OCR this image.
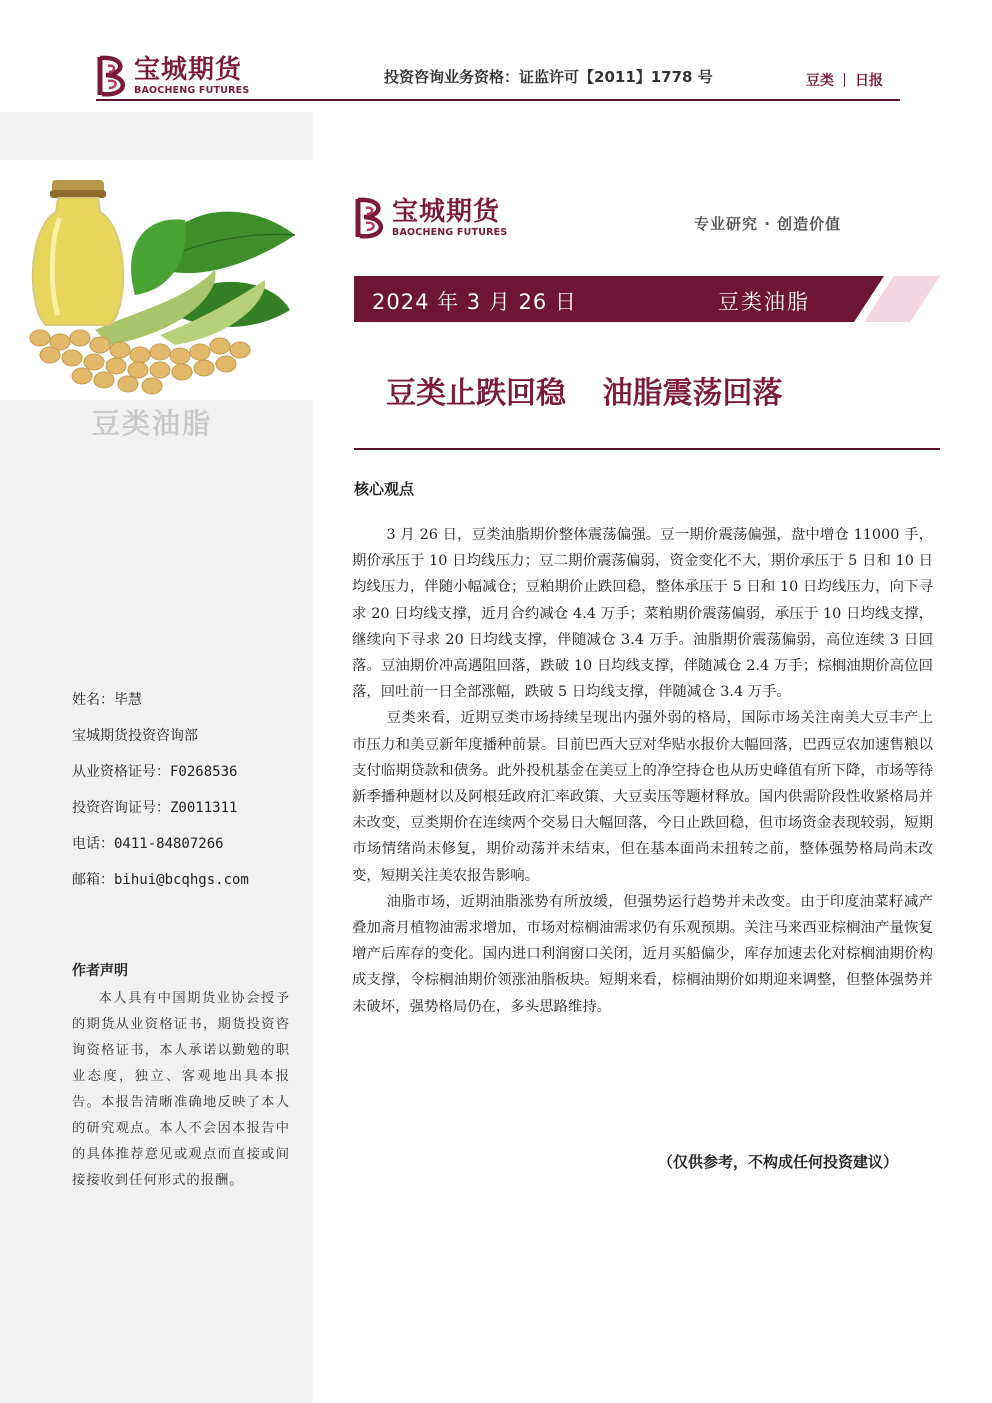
宝城期货
BAOCHENG FUTURES
投资咨询业务资格：证监许可【2011】1778 号	豆类 日报
豆类油脂
姓名：毕慧
宝城期货投资咨询部
从业资格证号：F0268536
投资咨询证号：Z0011311
电话：0411-84807266
邮箱：bihui@bcqhgs.com
作者声明
本人具有中国期货业协会授予的期货从业资格证书，期货投资咨询资格证书，本人承诺以勤勉的职业态度，独立、客观地出具本报告。本报告清晰准确地反映了本人的研究观点。本人不会因本报告中的具体推荐意见或观点而直接或间接接收到任何形式的报酬。
宝城期货
BAOCHENG FUTURES	专业研究 · 创造价值
2024 年 3 月 26 日	豆类油脂
豆类止跌回稳 油脂震荡回落
核心观点

3 月 26 日，豆类油脂期价整体震荡偏强。豆一期价震荡偏强，盘中增仓 11000 手，期价承压于 10 日均线压力；豆二期价震荡偏弱，资金变化不大，期价承压于 5 日和 10 日均线压力，伴随小幅减仓；豆粕期价止跌回稳，整体承压于 5 日和 10 日均线压力，向下寻求 20 日均线支撑，近月合约减仓 4.4 万手；菜粕期价震荡偏弱，承压于 10 日均线支撑，继续向下寻求 20 日均线支撑，伴随减仓 3.4 万手。油脂期价震荡偏弱，高位连续 3 日回落。豆油期价冲高遇阻回落，跌破 10 日均线支撑，伴随减仓 2.4 万手；棕榈油期价高位回落，回吐前一日全部涨幅，跌破 5 日均线支撑，伴随减仓 3.4 万手。

豆类来看，近期豆类市场持续呈现出内强外弱的格局，国际市场关注南美大豆丰产上市压力和美豆新年度播种前景。目前巴西大豆对华贴水报价大幅回落，巴西豆农加速售粮以支付临期贷款和债务。此外投机基金在美豆上的净空持仓也从历史峰值有所下降，市场等待新季播种题材以及阿根廷政府汇率政策、大豆卖压等题材释放。国内供需阶段性收紧格局并未改变，豆类期价在连续两个交易日大幅回落，今日止跌回稳，但市场资金表现较弱，短期市场情绪尚未修复，期价动荡并未结束，但在基本面尚未扭转之前，整体强势格局尚未改变，短期关注美农报告影响。

油脂市场，近期油脂涨势有所放缓，但强势运行趋势并未改变。由于印度油菜籽减产叠加斋月植物油需求增加，市场对棕榈油需求仍有乐观预期。关注马来西亚棕榈油产量恢复增产后库存的变化。国内进口利润窗口关闭，近月买船偏少，库存加速去化对棕榈油期价构成支撑，令棕榈油期价领涨油脂板块。短期来看，棕榈油期价如期迎来调整，但整体强势并未破坏，强势格局仍在，多头思路维持。

（仅供参考，不构成任何投资建议）
